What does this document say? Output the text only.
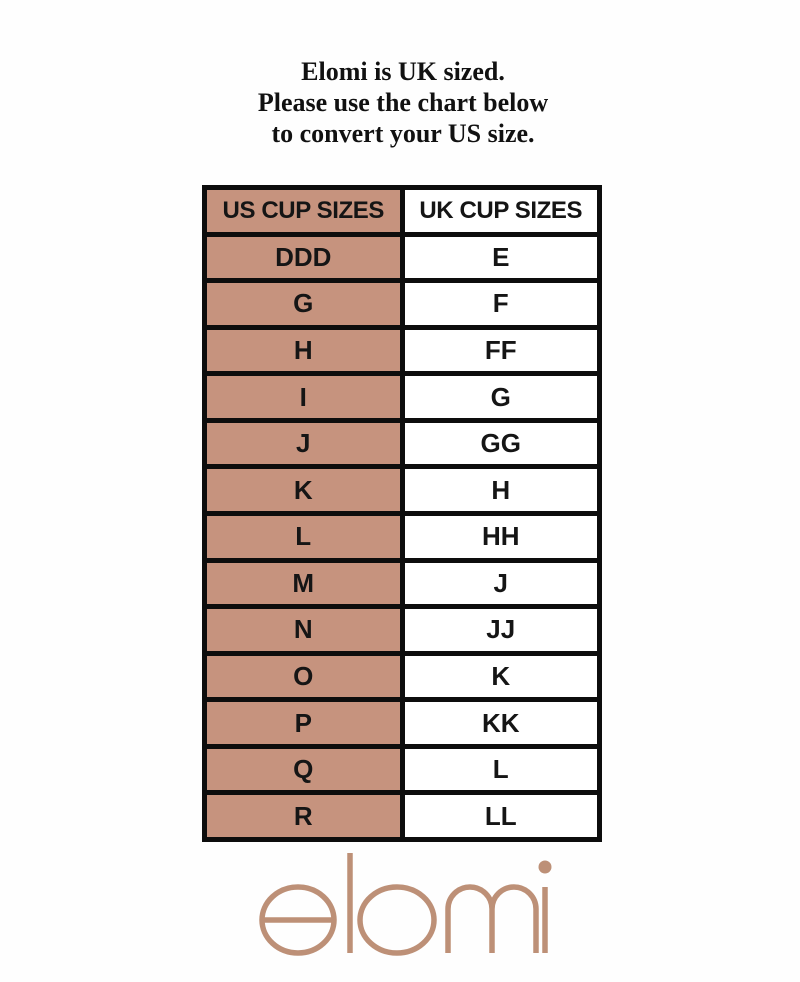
Elomi is UK sized.
Please use the chart below
to convert your US size.
US CUP SIZES	UK CUP SIZES
DDD	E
G	F
H	FF
I	G
J	GG
K	H
L	HH
M	J
N	JJ
O	K
P	KK
Q	L
R	LL
